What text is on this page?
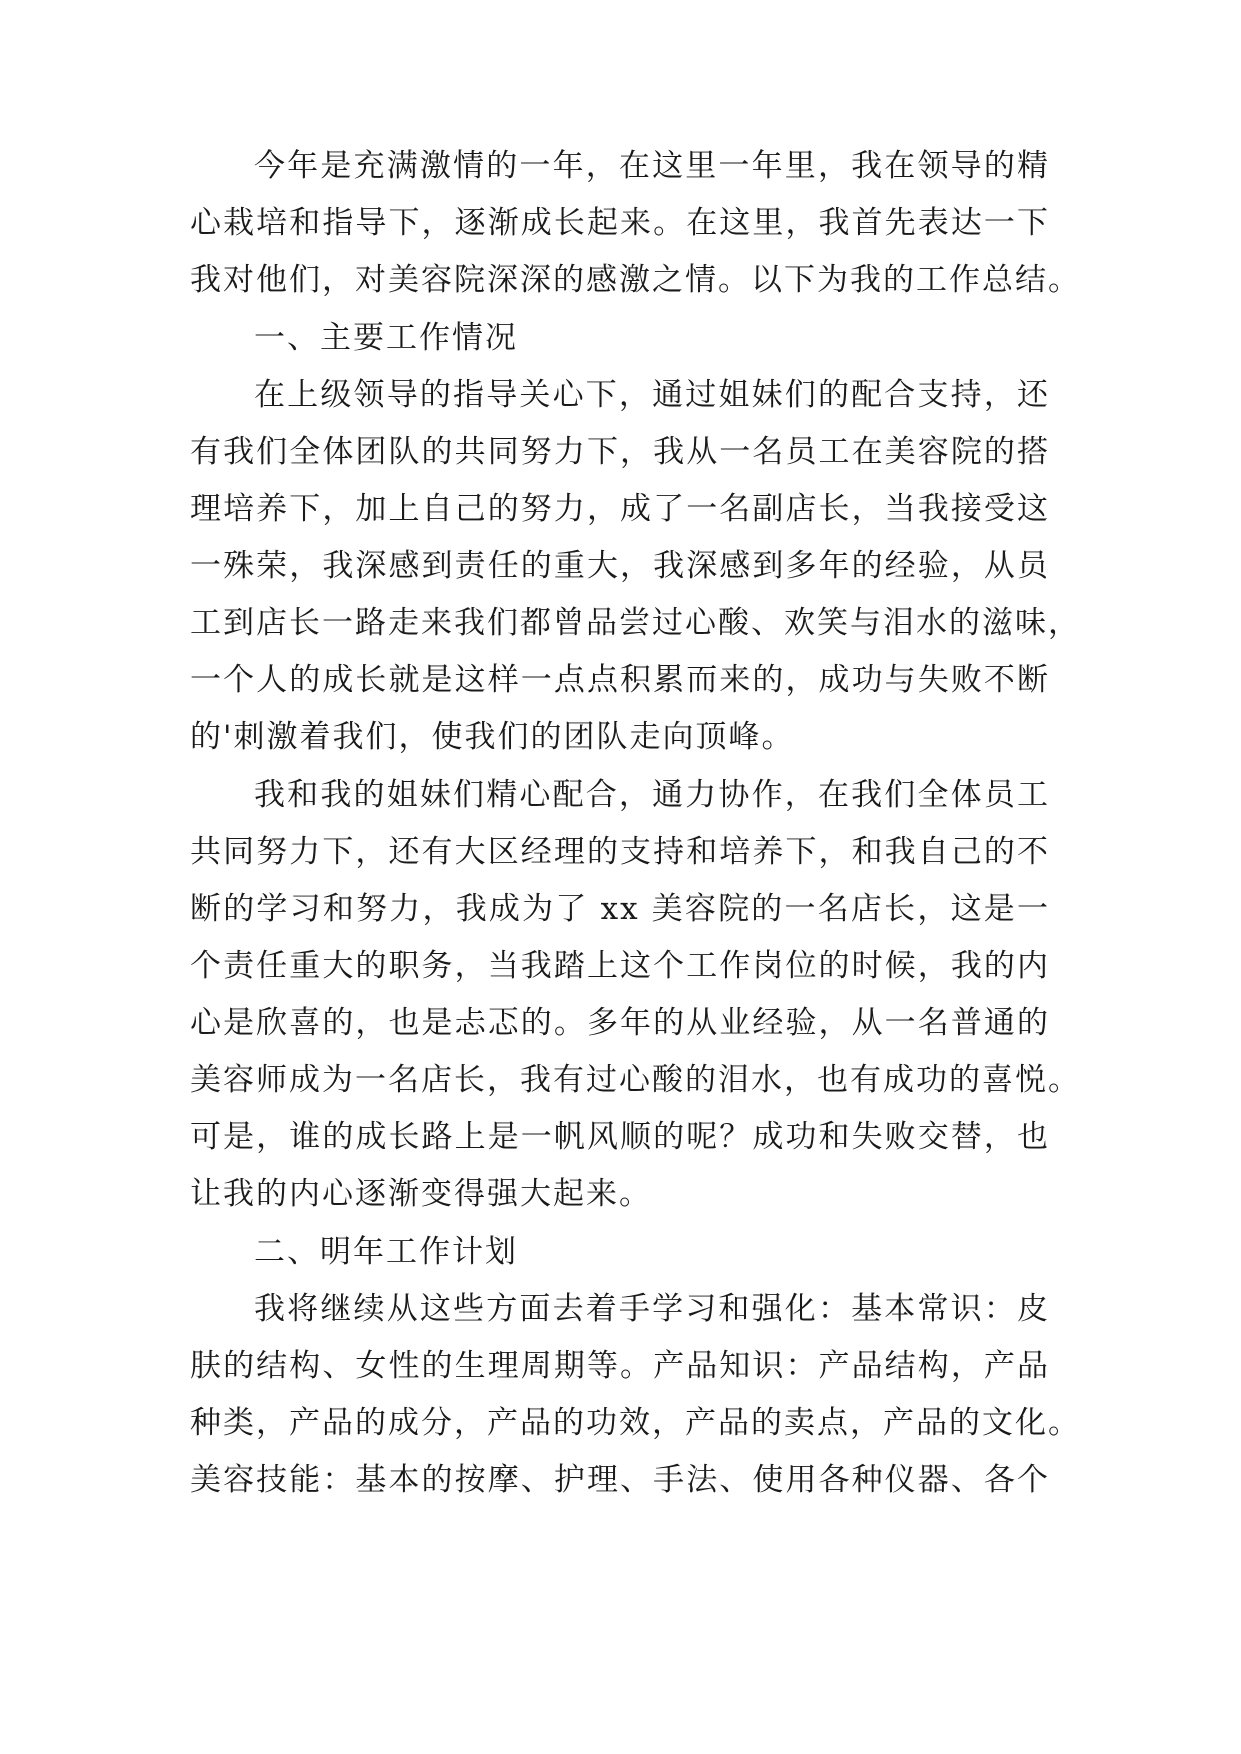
今年是充满激情的一年，在这里一年里，我在领导的精
心栽培和指导下，逐渐成长起来。在这里，我首先表达一下
我对他们，对美容院深深的感激之情。以下为我的工作总结。
一、主要工作情况
在上级领导的指导关心下，通过姐妹们的配合支持，还
有我们全体团队的共同努力下，我从一名员工在美容院的搭
理培养下，加上自己的努力，成了一名副店长，当我接受这
一殊荣，我深感到责任的重大，我深感到多年的经验，从员
工到店长一路走来我们都曾品尝过心酸、欢笑与泪水的滋味，
一个人的成长就是这样一点点积累而来的，成功与失败不断
的'刺激着我们，使我们的团队走向顶峰。
我和我的姐妹们精心配合，通力协作，在我们全体员工
共同努力下，还有大区经理的支持和培养下，和我自己的不
断的学习和努力，我成为了 xx 美容院的一名店长，这是一
个责任重大的职务，当我踏上这个工作岗位的时候，我的内
心是欣喜的，也是忐忑的。多年的从业经验，从一名普通的
美容师成为一名店长，我有过心酸的泪水，也有成功的喜悦。
可是，谁的成长路上是一帆风顺的呢？成功和失败交替，也
让我的内心逐渐变得强大起来。
二、明年工作计划
我将继续从这些方面去着手学习和强化：基本常识：皮
肤的结构、女性的生理周期等。产品知识：产品结构，产品
种类，产品的成分，产品的功效，产品的卖点，产品的文化。
美容技能：基本的按摩、护理、手法、使用各种仪器、各个
